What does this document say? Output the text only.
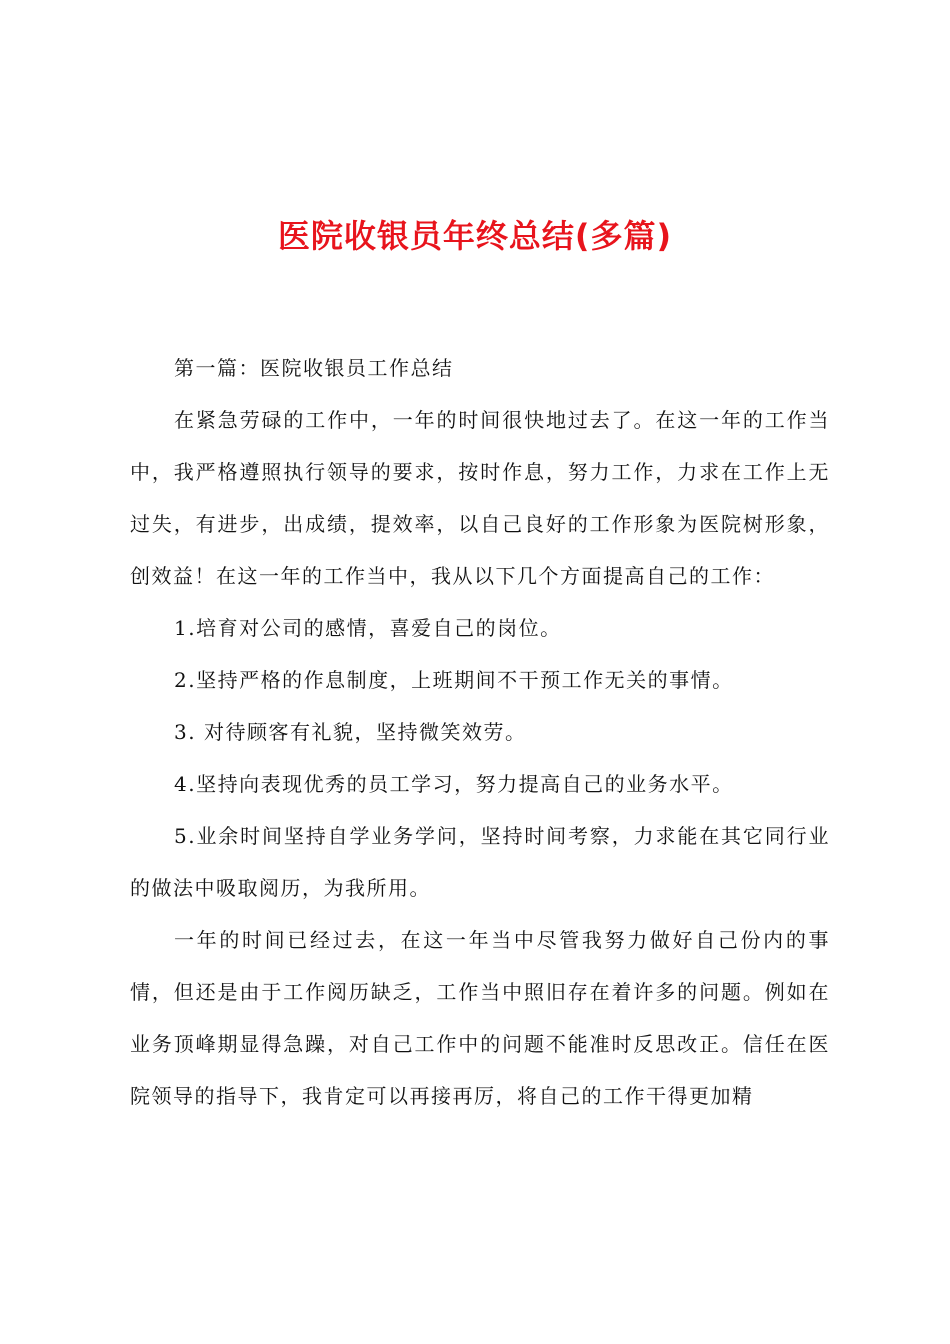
医院收银员年终总结(多篇)

第一篇：医院收银员工作总结

在紧急劳碌的工作中，一年的时间很快地过去了。在这一年的工作当中，我严格遵照执行领导的要求，按时作息，努力工作，力求在工作上无过失，有进步，出成绩，提效率，以自己良好的工作形象为医院树形象，创效益！在这一年的工作当中，我从以下几个方面提高自己的工作：

1.培育对公司的感情，喜爱自己的岗位。

2.坚持严格的作息制度，上班期间不干预工作无关的事情。

3. 对待顾客有礼貌，坚持微笑效劳。

4.坚持向表现优秀的员工学习，努力提高自己的业务水平。

5.业余时间坚持自学业务学问，坚持时间考察，力求能在其它同行业的做法中吸取阅历，为我所用。

一年的时间已经过去，在这一年当中尽管我努力做好自己份内的事情，但还是由于工作阅历缺乏，工作当中照旧存在着许多的问题。例如在业务顶峰期显得急躁，对自己工作中的问题不能准时反思改正。信任在医院领导的指导下，我肯定可以再接再厉，将自己的工作干得更加精
